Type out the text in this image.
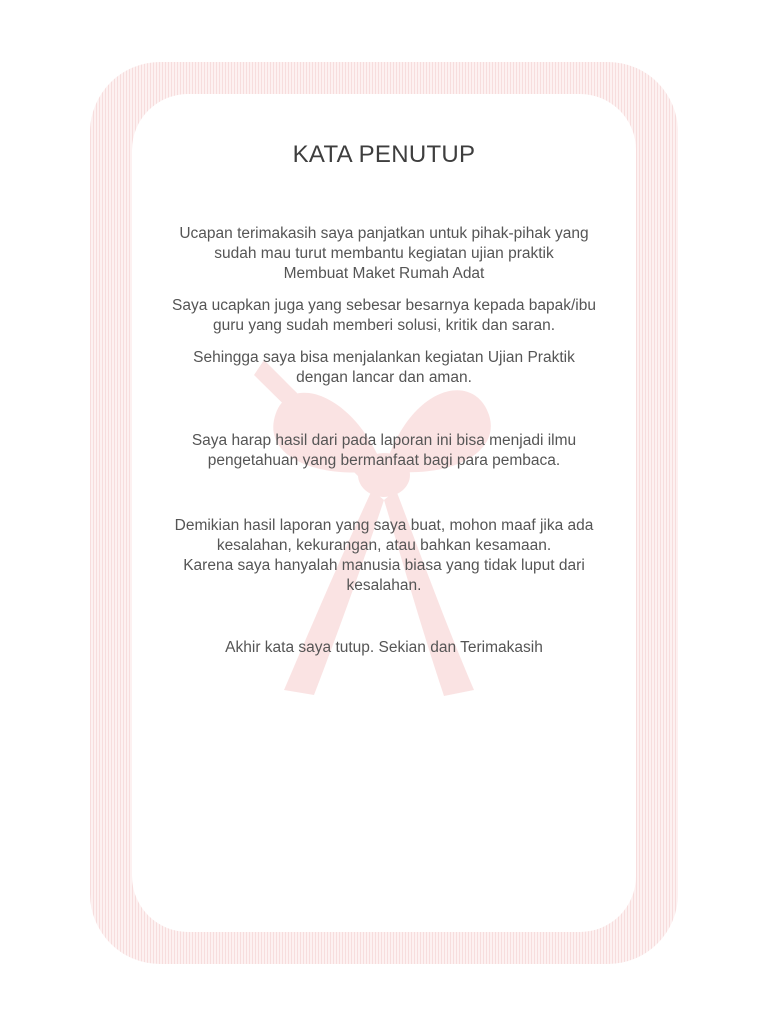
KATA PENUTUP

Ucapan terimakasih saya panjatkan untuk pihak-pihak yang
sudah mau turut membantu kegiatan ujian praktik
Membuat Maket Rumah Adat

Saya ucapkan juga yang sebesar besarnya kepada bapak/ibu
guru yang sudah memberi solusi, kritik dan saran.

Sehingga saya bisa menjalankan kegiatan Ujian Praktik
dengan lancar dan aman.

Saya harap hasil dari pada laporan ini bisa menjadi ilmu
pengetahuan yang bermanfaat bagi para pembaca.

Demikian hasil laporan yang saya buat, mohon maaf jika ada
kesalahan, kekurangan, atau bahkan kesamaan.
Karena saya hanyalah manusia biasa yang tidak luput dari
kesalahan.

Akhir kata saya tutup. Sekian dan Terimakasih
